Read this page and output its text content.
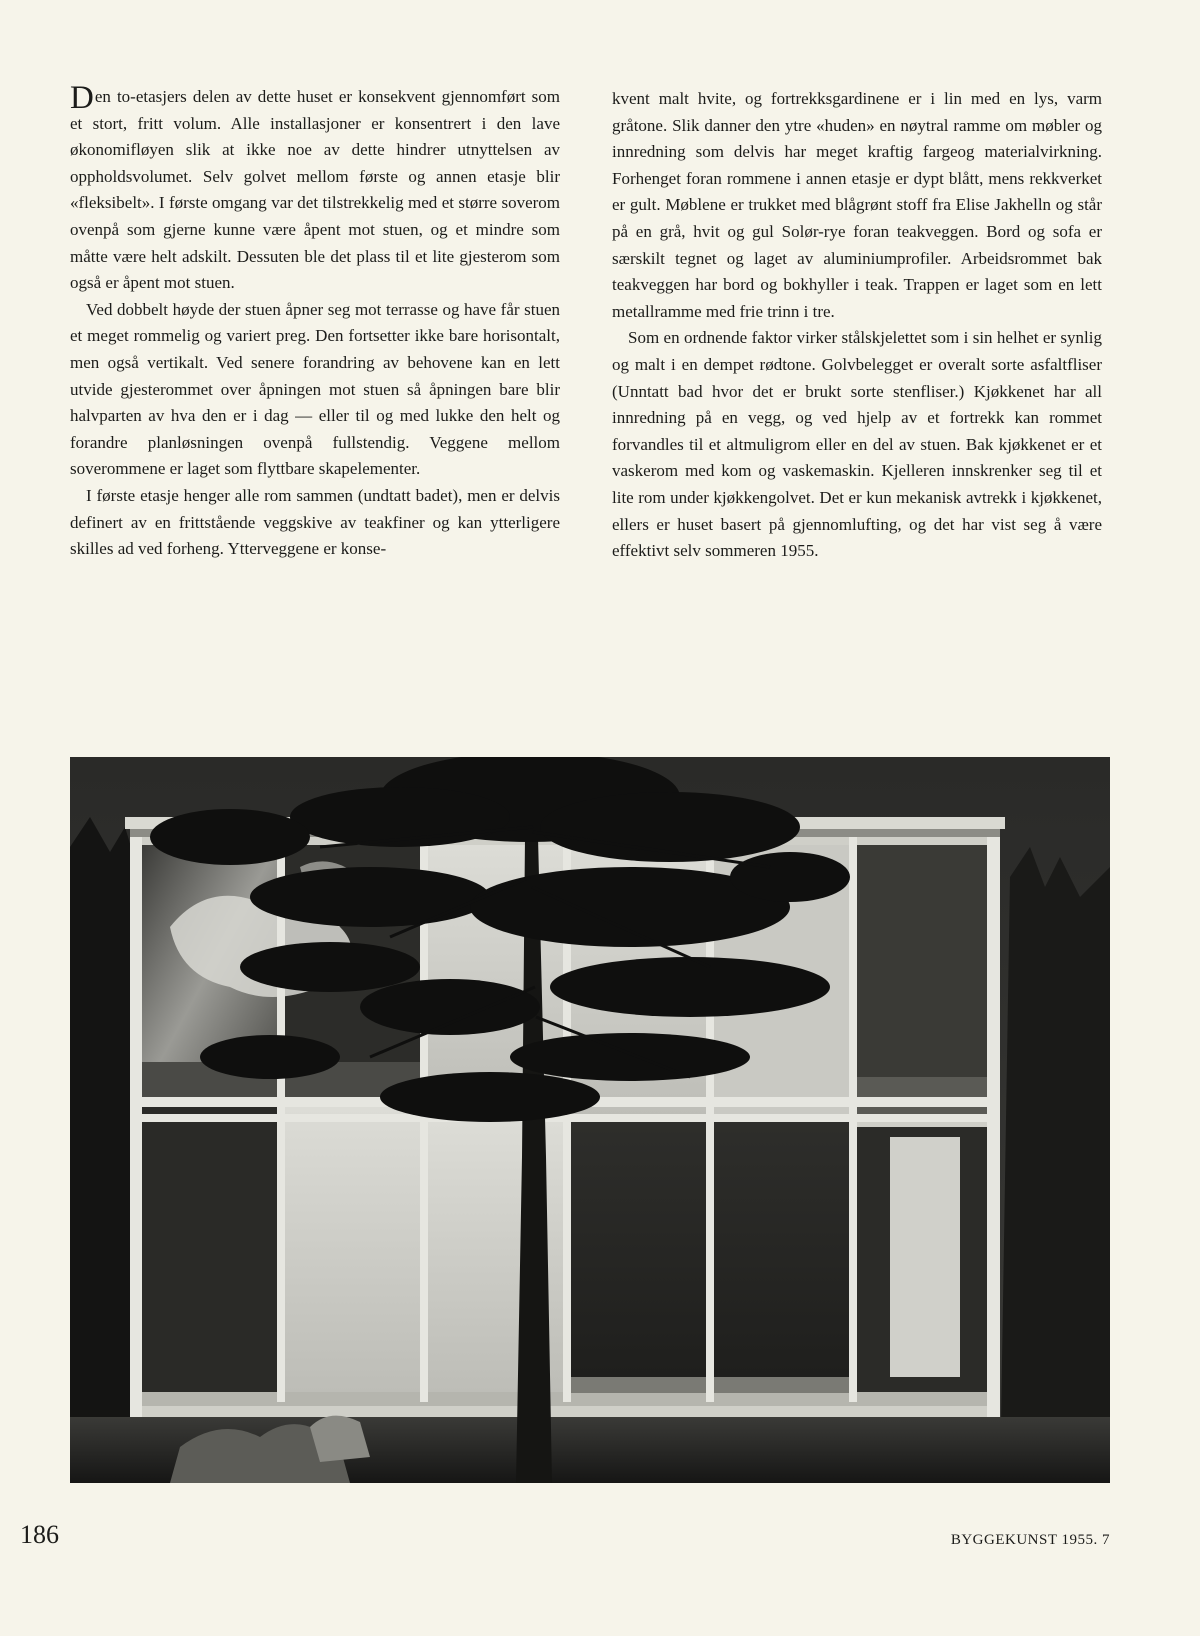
Den to-etasjers delen av dette huset er konsekvent gjennomført som et stort, fritt volum. Alle installasjoner er konsentrert i den lave økonomifløyen slik at ikke noe av dette hindrer utnyttelsen av oppholdsvolumet. Selv golvet mellom første og annen etasje blir «fleksibelt». I første omgang var det tilstrekkelig med et større soverom ovenpå som gjerne kunne være åpent mot stuen, og et mindre som måtte være helt adskilt. Dessuten ble det plass til et lite gjesterom som også er åpent mot stuen.

Ved dobbelt høyde der stuen åpner seg mot terrasse og have får stuen et meget rommelig og variert preg. Den fortsetter ikke bare horisontalt, men også vertikalt. Ved senere forandring av behovene kan en lett utvide gjesterommet over åpningen mot stuen så åpningen bare blir halvparten av hva den er i dag — eller til og med lukke den helt og forandre planløsningen ovenpå fullstendig. Veggene mellom soverommene er laget som flyttbare skapelementer.

I første etasje henger alle rom sammen (undtatt badet), men er delvis definert av en frittstående veggskive av teakfiner og kan ytterligere skilles ad ved forheng. Ytterveggene er konse-

kvent malt hvite, og fortrekksgardinene er i lin med en lys, varm gråtone. Slik danner den ytre «huden» en nøytral ramme om møbler og innredning som delvis har meget kraftig fargeog materialvirkning. Forhenget foran rommene i annen etasje er dypt blått, mens rekkverket er gult. Møblene er trukket med blågrønt stoff fra Elise Jakhelln og står på en grå, hvit og gul Solør-rye foran teakveggen. Bord og sofa er særskilt tegnet og laget av aluminiumprofiler. Arbeidsrommet bak teakveggen har bord og bokhyller i teak. Trappen er laget som en lett metallramme med frie trinn i tre.

Som en ordnende faktor virker stålskjelettet som i sin helhet er synlig og malt i en dempet rødtone. Golvbelegget er overalt sorte asfaltfliser (Unntatt bad hvor det er brukt sorte stenfliser.) Kjøkkenet har all innredning på en vegg, og ved hjelp av et fortrekk kan rommet forvandles til et altmuligrom eller en del av stuen. Bak kjøkkenet er et vaskerom med kom og vaskemaskin. Kjelleren innskrenker seg til et lite rom under kjøkkengolvet. Det er kun mekanisk avtrekk i kjøkkenet, ellers er huset basert på gjennomlufting, og det har vist seg å være effektivt selv sommeren 1955.

186	BYGGEKUNST 1955. 7
